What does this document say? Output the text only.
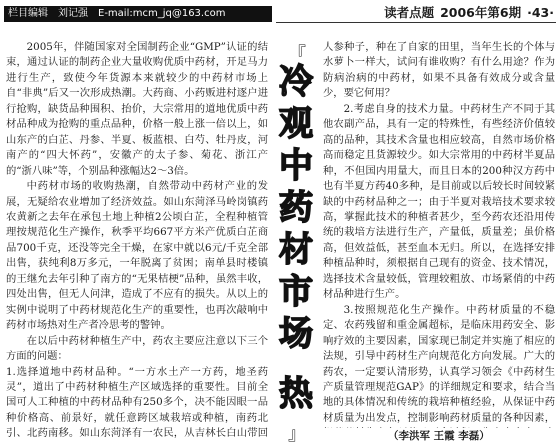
栏目编辑 刘记强 E-mail:mcm_jq@163.com	读者点题 2006年第6期 ·43·

2005年，伴随国家对全国制药企业“GMP”认证的结束，通过认证的制药企业大量收购优质中药材，开足马力进行生产，致使今年货源本来就较少的中药材市场上自“非典”后又一次形成热潮。大药商、小药贩进村逐户进行抢购，缺货品种围积、抬价，大宗常用的道地优质中药材品种成为抢购的重点品种，价格一般上涨一倍以上，如山东产的白芷、丹参、半夏、板蓝根、白芍、牡丹皮，河南产的“四大怀药”，安徽产的太子参、菊花、浙江产的“浙八味”等，个别品种涨幅达2～3倍。

中药材市场的收购热潮，自然带动中药材产业的发展，无疑给农业增加了经济效益。如山东菏泽马岭岗镇药农黄新之去年在承包土地上种植2公顷白芷，全程种植管理按规范化生产操作，秋季平均667平方米产优质白芷商品700千克，还没等完全干燥，在家中就以6元/千克全部出售，获纯利8万多元，一年脱离了贫困；南单县时楼镇的王继允去年引种了南方的“无果桔梗”品种，虽然丰收，四处出售，但无人问津，造成了不应有的损失。从以上的实例中说明了中药材规范化生产的重要性，也再次敲响中药材市场热对生产者冷思考的警钟。

在以后中药材种植生产中，药农主要应注意以下三个方面的问题：

1.选择道地中药材品种。“一方水土产一方药，地圣药灵”，道出了中药材种植生产区域选择的重要性。目前全国可人工种植的中药材品种有250多个，决不能因眼一品种价格高、前景好，就任意跨区域栽培或种植，南药北引、北药南移。如山东菏泽有一农民，从吉林长白山带回

『
冷
观
中
药
材
市
场
热
』

人参种子，种在了自家的田里，当年生长的个体与水萝卜一样大，试问有谁收购？有什么用途？作为防病治病的中药材，如果不具备有效成分或含量少，要它何用？

2.考虑自身的技术力量。中药材生产不同于其他农副产品，具有一定的特殊性，有些经济价值较高的品种，其技术含量也相应较高，自然市场价格高而稳定且货源较少。如大宗常用的中药材半夏品种，不但国内用量大，而且日本的200种汉方药中也有半夏方药40多种，是目前或以后较长时间较紧缺的中药材品种之一；由于半夏对栽培技术要求较高，掌握此技术的种植者甚少，至今药农还沿用传统的栽培方法进行生产，产量低，质量差；虽价格高，但效益低，甚至血本无归。所以，在选择安排种植品种时，须根据自己现有的资金、技术情况，选择技术含量较低，管理较粗放、市场紧俏的中药材品种进行生产。

3.按照规范化生产操作。中药材质量的不稳定、农药残留和重金属超标，是临床用药安全、影响疗效的主要因素，国家现已制定并实施了相应的法规，引导中药材生产向规范化方向发展。广大的药农，一定要认清形势，认真学习领会《中药材生产质量管理规范GAP》的详细规定和要求，结合当地的具体情况和传统的栽培种植经验，从保证中药材质量为出发点，控制影响药材质量的各种因素，

（李洪军 王霞 李磊）
